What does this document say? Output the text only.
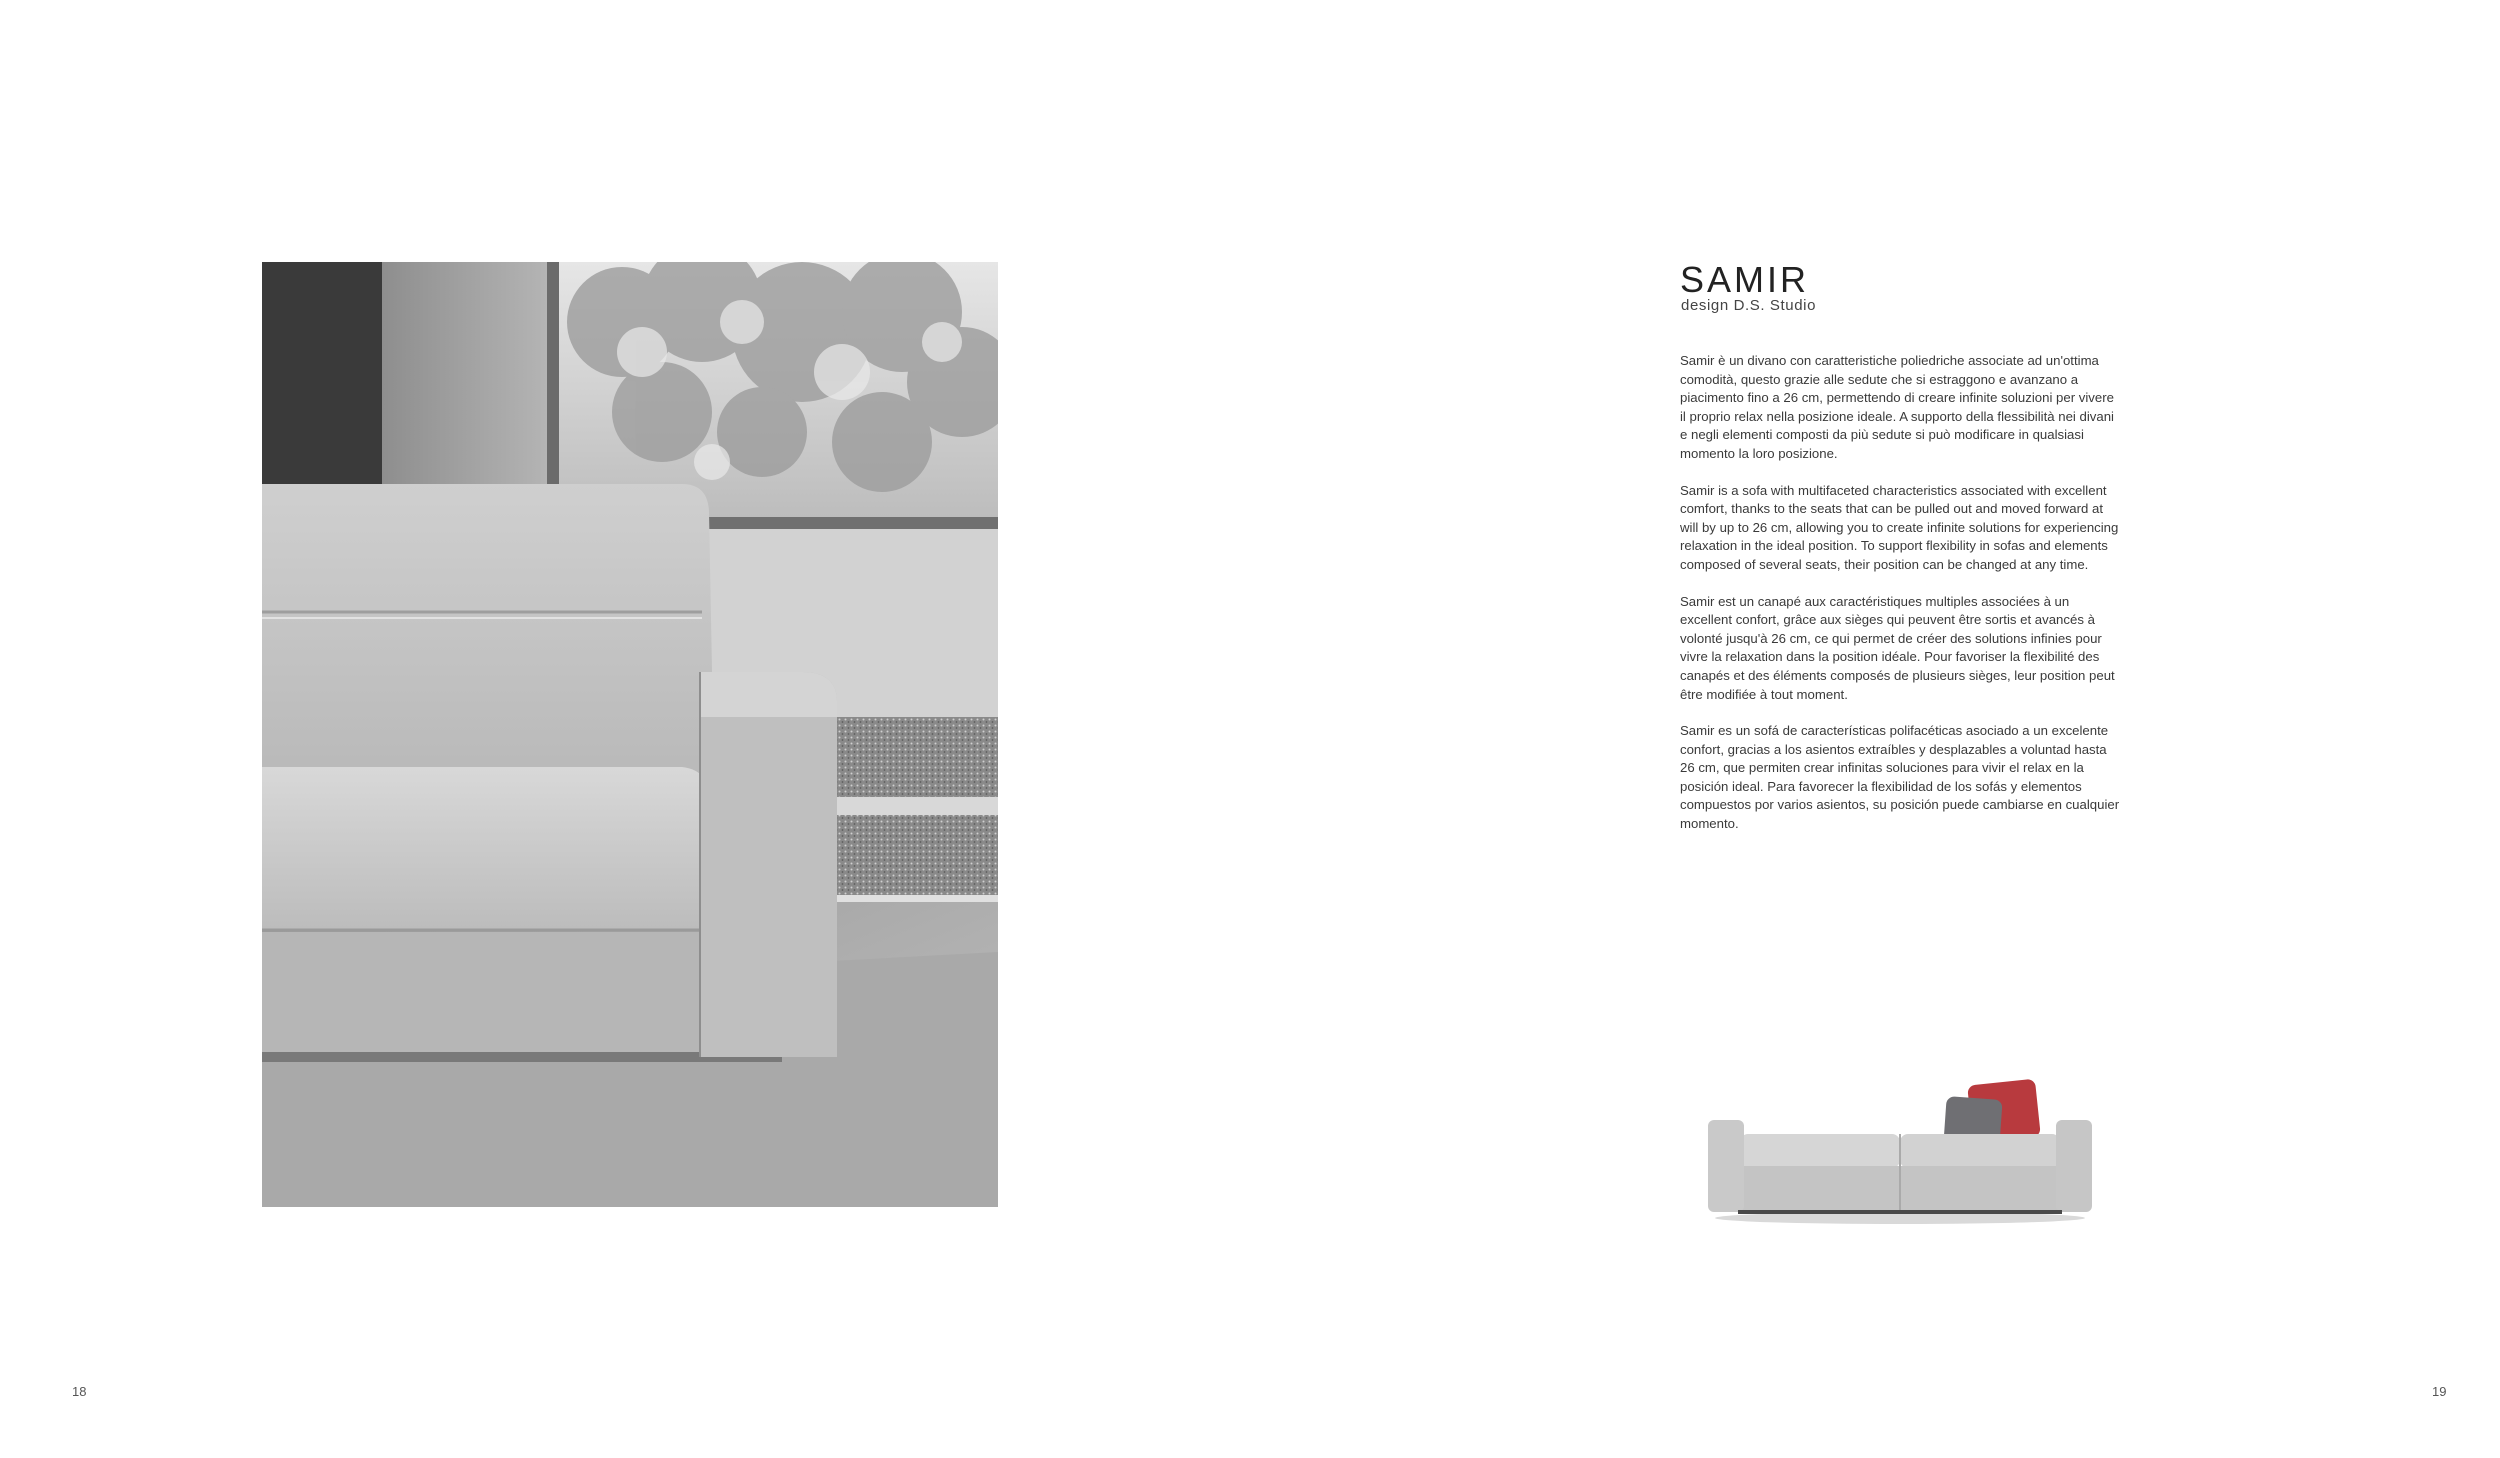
18
SAMIR
design D.S. Studio

Samir è un divano con caratteristiche poliedriche associate ad un'ottima comodità, questo grazie alle sedute che si estraggono e avanzano a piacimento fino a 26 cm, permettendo di creare infinite soluzioni per vivere il proprio relax nella posizione ideale. A supporto della flessibilità nei divani e negli elementi composti da più sedute si può modificare in qualsiasi momento la loro posizione.

Samir is a sofa with multifaceted characteristics associated with excellent comfort, thanks to the seats that can be pulled out and moved forward at will by up to 26 cm, allowing you to create infinite solutions for experiencing relaxation in the ideal position. To support flexibility in sofas and elements composed of several seats, their position can be changed at any time.

Samir est un canapé aux caractéristiques multiples associées à un excellent confort, grâce aux sièges qui peuvent être sortis et avancés à volonté jusqu'à 26 cm, ce qui permet de créer des solutions infinies pour vivre la relaxation dans la position idéale. Pour favoriser la flexibilité des canapés et des éléments composés de plusieurs sièges, leur position peut être modifiée à tout moment.

Samir es un sofá de características polifacéticas asociado a un excelente confort, gracias a los asientos extraíbles y desplazables a voluntad hasta 26 cm, que permiten crear infinitas soluciones para vivir el relax en la posición ideal. Para favorecer la flexibilidad de los sofás y elementos compuestos por varios asientos, su posición puede cambiarse en cualquier momento.

19
